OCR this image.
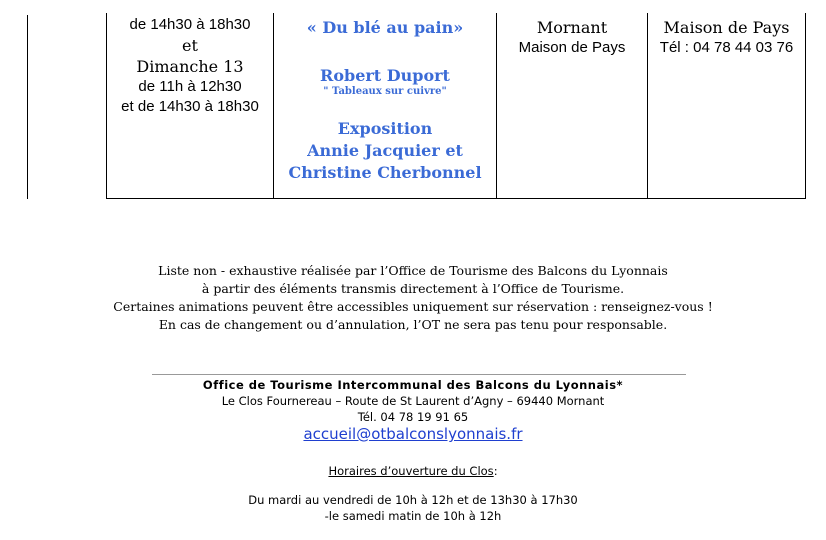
de 14h30 à 18h30
et
Dimanche 13
de 11h à 12h30
et de 14h30 à 18h30
« Du blé au pain»
Robert Duport
" Tableaux sur cuivre"
Exposition
Annie Jacquier et
Christine Cherbonnel
Mornant
Maison de Pays
Maison de Pays
Tél : 04 78 44 03 76
Liste non - exhaustive réalisée par l’Office de Tourisme des Balcons du Lyonnais
à partir des éléments transmis directement à l’Office de Tourisme.
Certaines animations peuvent être accessibles uniquement sur réservation : renseignez-vous !
En cas de changement ou d’annulation, l’OT ne sera pas tenu pour responsable.
Office de Tourisme Intercommunal des Balcons du Lyonnais*
Le Clos Fournereau – Route de St Laurent d’Agny – 69440 Mornant
Tél. 04 78 19 91 65
accueil@otbalconslyonnais.fr
Horaires d’ouverture du Clos:
Du mardi au vendredi de 10h à 12h et de 13h30 à 17h30
-le samedi matin de 10h à 12h
